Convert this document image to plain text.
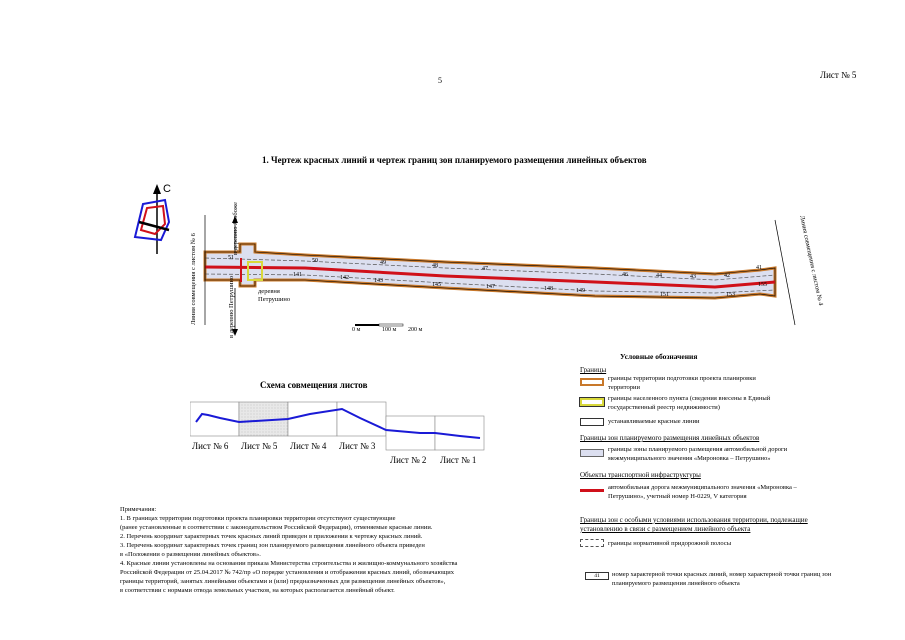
5
Лист № 5
1. Чертеж красных линий и чертеж границ зон планируемого размещения линейных объектов
С
Линия совмещения с листом № 6	Линия совмещения с листом № 4
в деревню Петрушино
в деревню Любоже
деревня Петрушино
51	50	49	48	47
46	44	43	42
41
141	142	143
145	147	148	149
151	153
155
0 м	100 м 200 м
Схема совмещения листов
Лист № 6 Лист № 5 Лист № 4 Лист № 3
Лист № 2 Лист № 1
Условные обозначения
Границы
границы территории подготовки проекта планировки территории
границы населенного пункта (сведения внесены в Единый государственный реестр недвижимости)
устанавливаемые красные линии
Границы зон планируемого размещения линейных объектов
границы зоны планируемого размещения автомобильной дороги межмуниципального значения «Мироновка – Петрушино»
Объекты транспортной инфраструктуры
автомобильная дорога межмуниципального значения «Мироновка – Петрушино», учетный номер Н-0229, V категория
Границы зон с особыми условиями использования территории, подлежащие установлению в связи с размещением линейного объекта
границы нормативной придорожной полосы
41	номер характерной точки красных линий, номер характерной точки границ зон планируемого размещения линейного объекта
Примечания:
1. В границах территории подготовки проекта планировки территории отсутствуют существующие
(ранее установленные в соответствии с законодательством Российской Федерации), отменяемые красные линии.
2. Перечень координат характерных точек красных линий приведен в приложении к чертежу красных линий.
3. Перечень координат характерных точек границ зон планируемого размещения линейного объекта приведен
в «Положении о размещении линейных объектов».
4. Красные линии установлены на основании приказа Министерства строительства и жилищно-коммунального хозяйства
Российской Федерации от 25.04.2017 № 742/пр «О порядке установления и отображения красных линий, обозначающих
границы территорий, занятых линейными объектами и (или) предназначенных для размещения линейных объектов»,
в соответствии с нормами отвода земельных участков, на которых располагается линейный объект.
